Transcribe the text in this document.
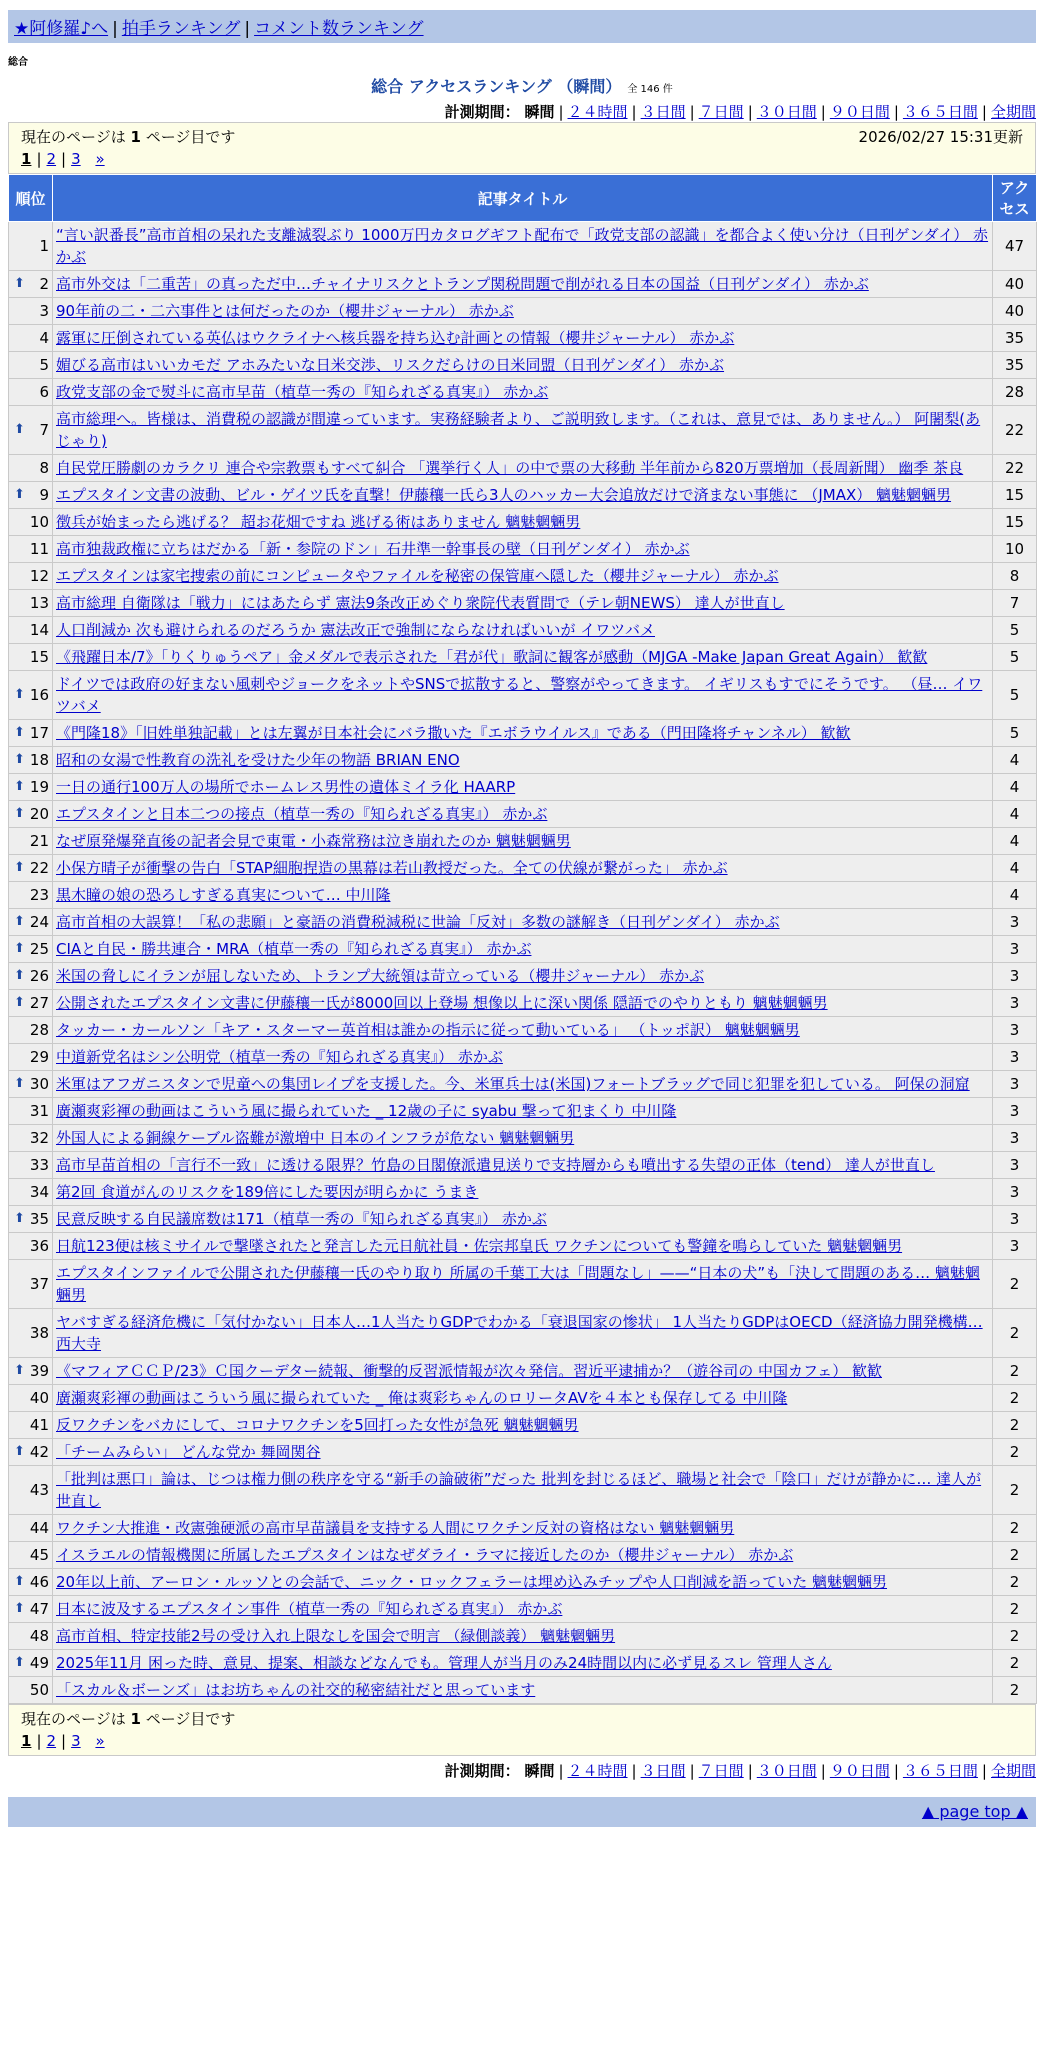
★阿修羅♪へ | 拍手ランキング | コメント数ランキング
総合
総合 アクセスランキング （瞬間） 全 146 件
計測期間： 瞬間 | ２４時間 | ３日間 | ７日間 | ３０日間 | ９０日間 | ３６５日間 | 全期間
現在のページは 1 ページ目です	2026/02/27 15:31更新
1 | 2 | 3 »
順位	記事タイトル	アクセス
1	“言い訳番長”高市首相の呆れた支離滅裂ぶり 1000万円カタログギフト配布で「政党支部の認識」を都合よく使い分け（日刊ゲンダイ） 赤かぶ	47

⬆ 2	高市外交は「二重苦」の真っただ中…チャイナリスクとトランプ関税問題で削がれる日本の国益（日刊ゲンダイ） 赤かぶ	40
3	90年前の二・二六事件とは何だったのか（櫻井ジャーナル） 赤かぶ	40
4	露軍に圧倒されている英仏はウクライナへ核兵器を持ち込む計画との情報（櫻井ジャーナル） 赤かぶ	35
5	媚びる高市はいいカモだ アホみたいな日米交渉、リスクだらけの日米同盟（日刊ゲンダイ） 赤かぶ	35
6	政党支部の金で熨斗に高市早苗（植草一秀の『知られざる真実』） 赤かぶ	28

⬆ 7	高市総理へ。皆様は、消費税の認識が間違っています。実務経験者より、ご説明致します。（これは、意見では、ありません。） 阿闍梨(あじゃり)	22
8	自民党圧勝劇のカラクリ 連合や宗教票もすべて糾合 「選挙行く人」の中で票の大移動 半年前から820万票増加（長周新聞） 幽季 茶良	22

⬆ 9	エプスタイン文書の波動、ビル・ゲイツ氏を直撃！伊藤穰一氏ら3人のハッカー大会追放だけで済まない事態に （JMAX） 魑魅魍魎男	15
10	徴兵が始まったら逃げる？ 超お花畑ですね 逃げる術はありません 魑魅魍魎男	15
11	高市独裁政権に立ちはだかる「新・参院のドン」石井準一幹事長の壁（日刊ゲンダイ） 赤かぶ	10
12	エプスタインは家宅捜索の前にコンピュータやファイルを秘密の保管庫へ隠した（櫻井ジャーナル） 赤かぶ	8
13	高市総理 自衛隊は「戦力」にはあたらず 憲法9条改正めぐり衆院代表質問で（テレ朝NEWS） 達人が世直し	7
14	人口削減か 次も避けられるのだろうか 憲法改正で強制にならなければいいが イワツバメ	5
15	《飛躍日本/7》「りくりゅうペア」金メダルで表示された「君が代」歌詞に観客が感動（MJGA -Make Japan Great Again） 歓歓	5

⬆ 16	ドイツでは政府の好まない風刺やジョークをネットやSNSで拡散すると、警察がやってきます。 イギリスもすでにそうです。 （昼… イワツバメ	5

⬆ 17	《門隆18》「旧姓単独記載」とは左翼が日本社会にバラ撒いた『エボラウイルス』である（門田隆将チャンネル） 歓歓	5

⬆ 18	昭和の女湯で性教育の洗礼を受けた少年の物語 BRIAN ENO	4

⬆ 19	一日の通行100万人の場所でホームレス男性の遺体ミイラ化 HAARP	4

⬆ 20	エプスタインと日本二つの接点（植草一秀の『知られざる真実』） 赤かぶ	4
21	なぜ原発爆発直後の記者会見で東電・小森常務は泣き崩れたのか 魑魅魍魎男	4

⬆ 22	小保方晴子が衝撃の告白「STAP細胞捏造の黒幕は若山教授だった。全ての伏線が繋がった」 赤かぶ	4
23	黒木瞳の娘の恐ろしすぎる真実について… 中川隆	4

⬆ 24	高市首相の大誤算！「私の悲願」と豪語の消費税減税に世論「反対」多数の謎解き（日刊ゲンダイ） 赤かぶ	3

⬆ 25	CIAと自民・勝共連合・MRA（植草一秀の『知られざる真実』） 赤かぶ	3

⬆ 26	米国の脅しにイランが屈しないため、トランプ大統領は苛立っている（櫻井ジャーナル） 赤かぶ	3

⬆ 27	公開されたエプスタイン文書に伊藤穰一氏が8000回以上登場 想像以上に深い関係 隠語でのやりともり 魑魅魍魎男	3
28	タッカー・カールソン「キア・スターマー英首相は誰かの指示に従って動いている」 （トッポ訳） 魑魅魍魎男	3
29	中道新党名はシン公明党（植草一秀の『知られざる真実』） 赤かぶ	3

⬆ 30	米軍はアフガニスタンで児童への集団レイプを支援した。今、米軍兵士は(米国)フォートブラッグで同じ犯罪を犯している。 阿保の洞窟	3
31	廣瀬爽彩褌の動画はこういう風に撮られていた _ 12歳の子に syabu 撃って犯まくり 中川隆	3
32	外国人による銅線ケーブル盗難が激増中 日本のインフラが危ない 魑魅魍魎男	3
33	高市早苗首相の「言行不一致」に透ける限界？竹島の日閣僚派遣見送りで支持層からも噴出する失望の正体（tend） 達人が世直し	3
34	第2回 食道がんのリスクを189倍にした要因が明らかに うまき	3

⬆ 35	民意反映する自民議席数は171（植草一秀の『知られざる真実』） 赤かぶ	3
36	日航123便は核ミサイルで撃墜されたと発言した元日航社員・佐宗邦皇氏 ワクチンについても警鐘を鳴らしていた 魑魅魍魎男	3
37	エプスタインファイルで公開された伊藤穰一氏のやり取り 所属の千葉工大は「問題なし」——“日本の犬”も「決して問題のある… 魑魅魍魎男	2
38	ヤバすぎる経済危機に「気付かない」日本人…1人当たりGDPでわかる「衰退国家の惨状」 1人当たりGDPはOECD（経済協力開発機構… 西大寺	2

⬆ 39	《マフィアＣＣＰ/23》Ｃ国クーデター続報、衝撃的反習派情報が次々発信。習近平逮捕か？（遊谷司の 中国カフェ） 歓歓	2
40	廣瀬爽彩褌の動画はこういう風に撮られていた _ 俺は爽彩ちゃんのロリータAVを４本とも保存してる 中川隆	2
41	反ワクチンをバカにして、コロナワクチンを5回打った女性が急死 魑魅魍魎男	2

⬆ 42	「チームみらい」 どんな党か 舞岡関谷	2
43	「批判は悪口」論は、じつは権力側の秩序を守る“新手の論破術”だった 批判を封じるほど、職場と社会で「陰口」だけが静かに… 達人が世直し	2
44	ワクチン大推進・改憲強硬派の高市早苗議員を支持する人間にワクチン反対の資格はない 魑魅魍魎男	2
45	イスラエルの情報機関に所属したエプスタインはなぜダライ・ラマに接近したのか（櫻井ジャーナル） 赤かぶ	2

⬆ 46	20年以上前、アーロン・ルッソとの会話で、ニック・ロックフェラーは埋め込みチップや人口削減を語っていた 魑魅魍魎男	2

⬆ 47	日本に波及するエプスタイン事件（植草一秀の『知られざる真実』） 赤かぶ	2
48	高市首相、特定技能2号の受け入れ上限なしを国会で明言 （緑側談義） 魑魅魍魎男	2

⬆ 49	2025年11月 困った時、意見、提案、相談などなんでも。管理人が当月のみ24時間以内に必ず見るスレ 管理人さん	2
50	「スカル＆ボーンズ」はお坊ちゃんの社交的秘密結社だと思っています	2
現在のページは 1 ページ目です
1 | 2 | 3 »
計測期間： 瞬間 | ２４時間 | ３日間 | ７日間 | ３０日間 | ９０日間 | ３６５日間 | 全期間
▲ page top ▲
